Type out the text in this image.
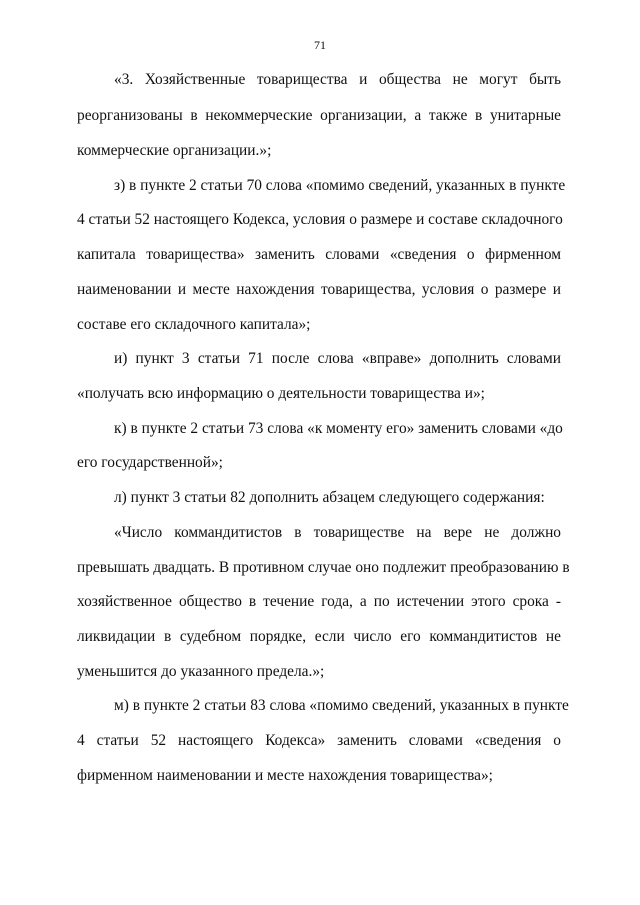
71
«3. Хозяйственные товарищества и общества не могут быть
реорганизованы в некоммерческие организации, а также в унитарные
коммерческие организации.»;
з) в пункте 2 статьи 70 слова «помимо сведений, указанных в пункте
4 статьи 52 настоящего Кодекса, условия о размере и составе складочного
капитала товарищества» заменить словами «сведения о фирменном
наименовании и месте нахождения товарищества, условия о размере и
составе его складочного капитала»;
и) пункт 3 статьи 71 после слова «вправе» дополнить словами
«получать всю информацию о деятельности товарищества и»;
к) в пункте 2 статьи 73 слова «к моменту его» заменить словами «до
его государственной»;
л) пункт 3 статьи 82 дополнить абзацем следующего содержания:
«Число коммандитистов в товариществе на вере не должно
превышать двадцать. В противном случае оно подлежит преобразованию в
хозяйственное общество в течение года, а по истечении этого срока -
ликвидации в судебном порядке, если число его коммандитистов не
уменьшится до указанного предела.»;
м) в пункте 2 статьи 83 слова «помимо сведений, указанных в пункте
4 статьи 52 настоящего Кодекса» заменить словами «сведения о
фирменном наименовании и месте нахождения товарищества»;
